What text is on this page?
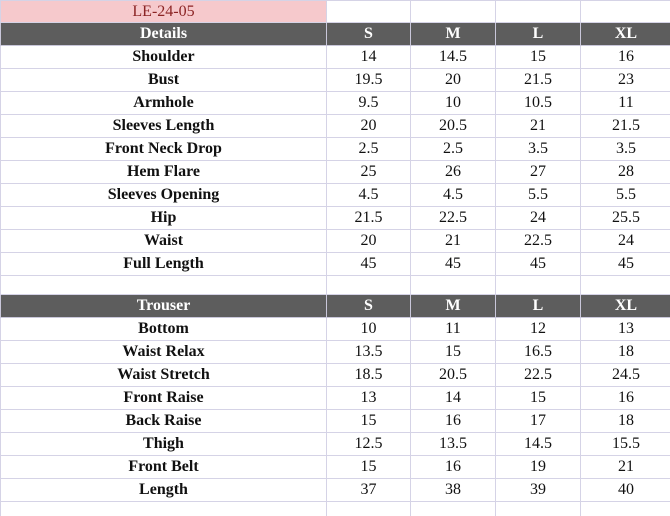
LE-24-05				
Details	S	M	L	XL
Shoulder	14	14.5	15	16
Bust	19.5	20	21.5	23
Armhole	9.5	10	10.5	11
Sleeves Length	20	20.5	21	21.5
Front Neck Drop	2.5	2.5	3.5	3.5
Hem Flare	25	26	27	28
Sleeves Opening	4.5	4.5	5.5	5.5
Hip	21.5	22.5	24	25.5
Waist	20	21	22.5	24
Full Length	45	45	45	45

Trouser	S	M	L	XL
Bottom	10	11	12	13
Waist Relax	13.5	15	16.5	18
Waist Stretch	18.5	20.5	22.5	24.5
Front Raise	13	14	15	16
Back Raise	15	16	17	18
Thigh	12.5	13.5	14.5	15.5
Front Belt	15	16	19	21
Length	37	38	39	40
